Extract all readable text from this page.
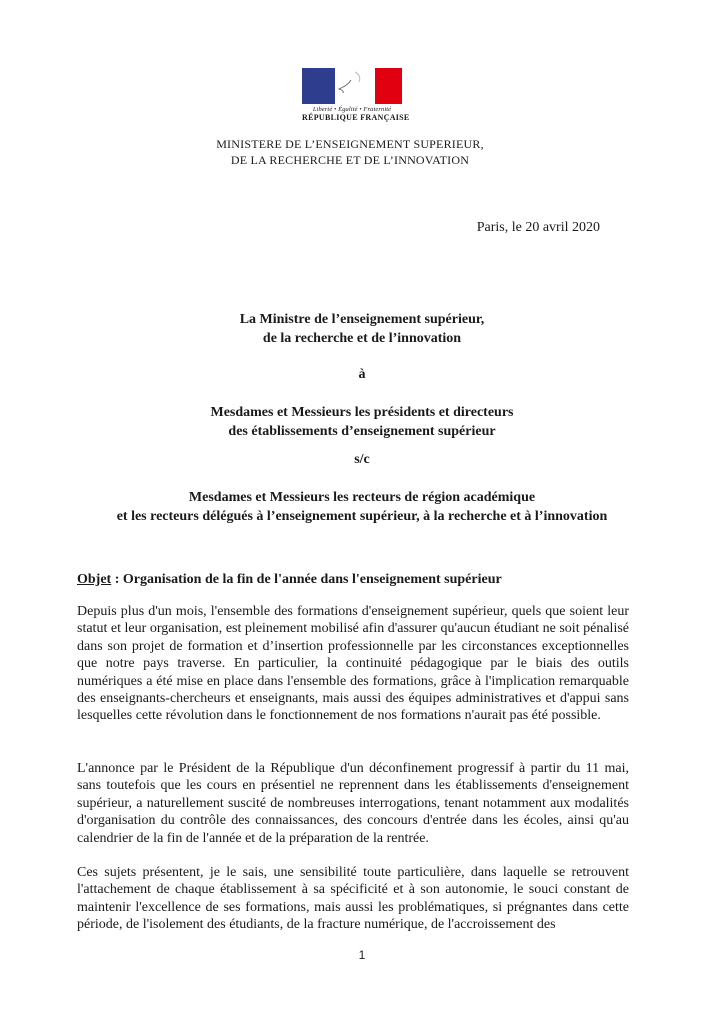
Liberté • Égalité • Fraternité
RÉPUBLIQUE FRANÇAISE
MINISTERE DE L’ENSEIGNEMENT SUPERIEUR,
DE LA RECHERCHE ET DE L’INNOVATION
Paris, le 20 avril 2020
La Ministre de l’enseignement supérieur,
de la recherche et de l’innovation
à
Mesdames et Messieurs les présidents et directeurs
des établissements d’enseignement supérieur
s/c
Mesdames et Messieurs les recteurs de région académique
et les recteurs délégués à l’enseignement supérieur, à la recherche et à l’innovation
Objet : Organisation de la fin de l'année dans l'enseignement supérieur

Depuis plus d'un mois, l'ensemble des formations d'enseignement supérieur, quels que soient leur statut et leur organisation, est pleinement mobilisé afin d'assurer qu'aucun étudiant ne soit pénalisé dans son projet de formation et d’insertion professionnelle par les circonstances exceptionnelles que notre pays traverse. En particulier, la continuité pédagogique par le biais des outils numériques a été mise en place dans l'ensemble des formations, grâce à l'implication remarquable des enseignants-chercheurs et enseignants, mais aussi des équipes administratives et d'appui sans lesquelles cette révolution dans le fonctionnement de nos formations n'aurait pas été possible.

L'annonce par le Président de la République d'un déconfinement progressif à partir du 11 mai, sans toutefois que les cours en présentiel ne reprennent dans les établissements d'enseignement supérieur, a naturellement suscité de nombreuses interrogations, tenant notamment aux modalités d'organisation du contrôle des connaissances, des concours d'entrée dans les écoles, ainsi qu'au calendrier de la fin de l'année et de la préparation de la rentrée.

Ces sujets présentent, je le sais, une sensibilité toute particulière, dans laquelle se retrouvent l'attachement de chaque établissement à sa spécificité et à son autonomie, le souci constant de maintenir l'excellence de ses formations, mais aussi les problématiques, si prégnantes dans cette période, de l'isolement des étudiants, de la fracture numérique, de l'accroissement des

1
